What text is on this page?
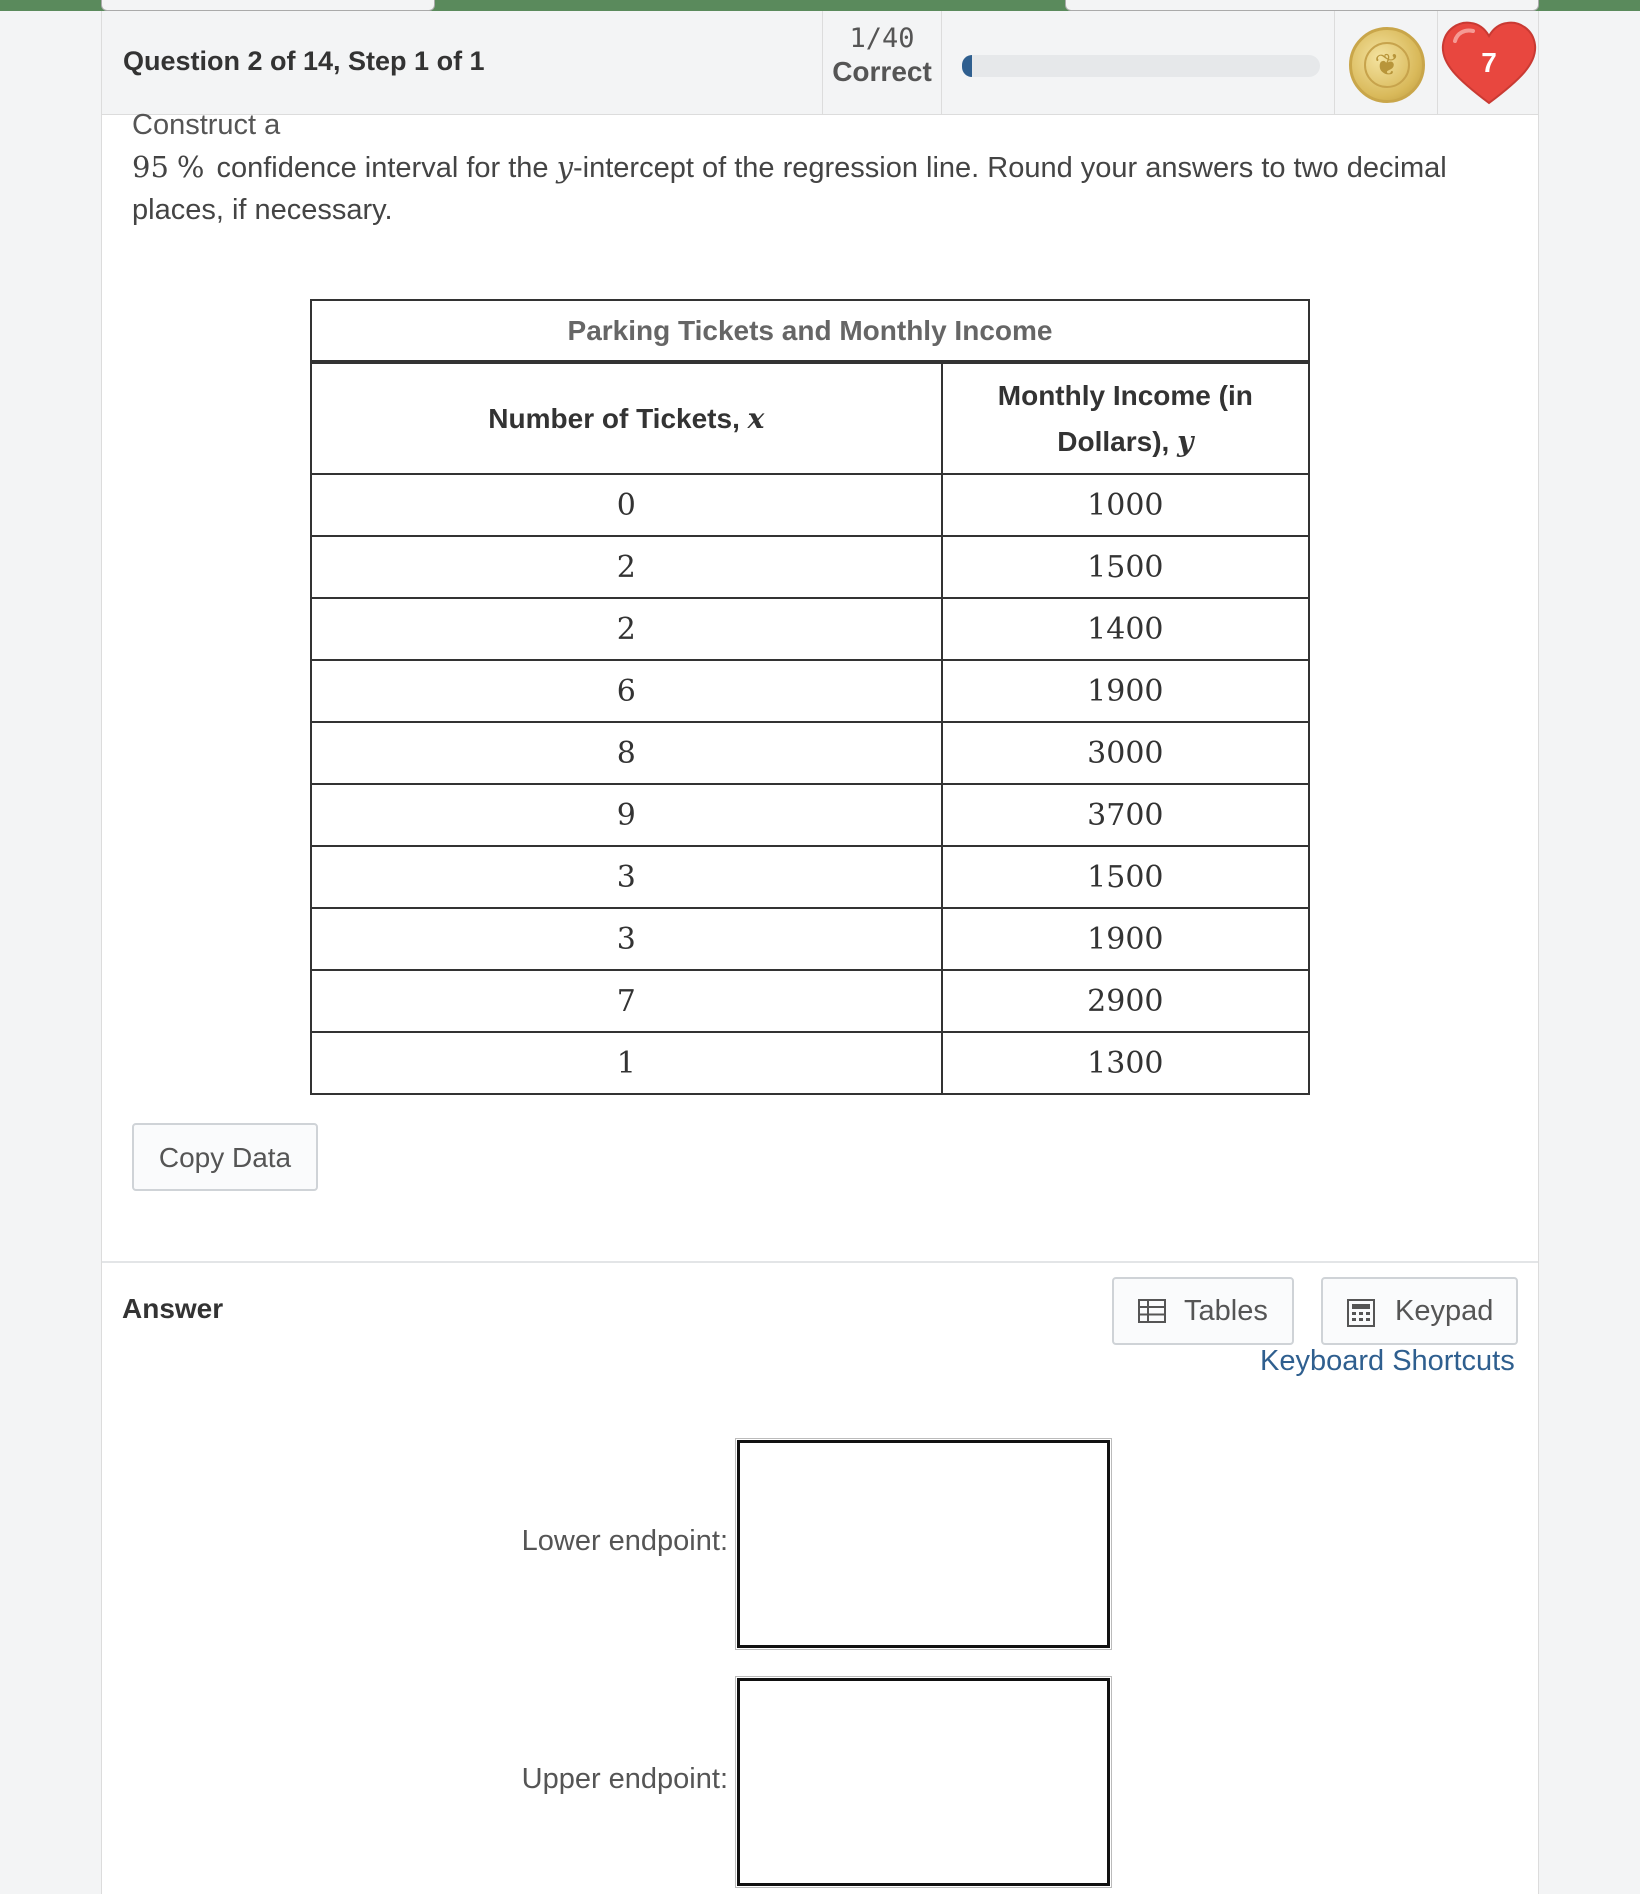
Question 2 of 14, Step 1 of 1
1/40
Correct	❦	7
Construct a
95 % confidence interval for the y-intercept of the regression line. Round your answers to two decimal places, if necessary.
Parking Tickets and Monthly Income	
Number of Tickets, x	Monthly Income (in
Dollars), y
0	1000
2	1500
2	1400
6	1900
8	3000
9	3700
3	1500
3	1900
7	2900
1	1300
Copy Data
Answer	Tables	Keypad
Keyboard Shortcuts
Lower endpoint:
Upper endpoint:
